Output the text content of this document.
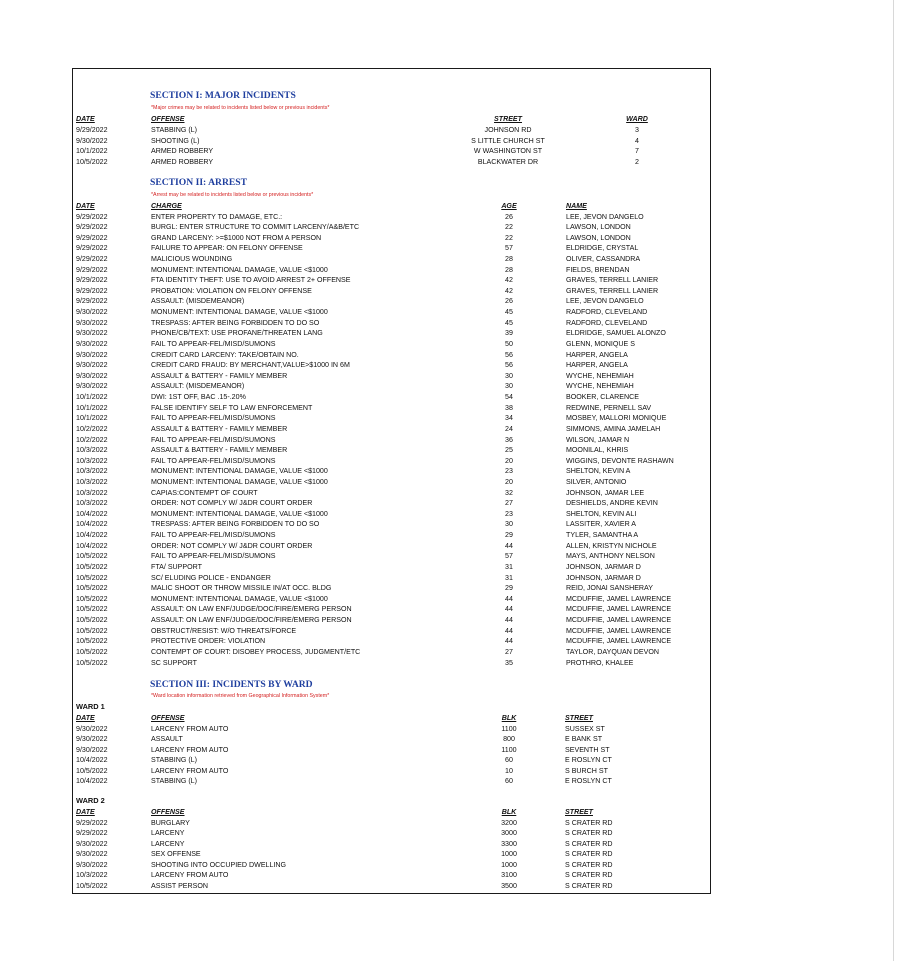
SECTION I: MAJOR INCIDENTS
*Major crimes may be related to incidents listed below or previous incidents*
DATE	OFFENSE	STREET	WARD
9/29/2022	STABBING (L)	JOHNSON RD	3
9/30/2022	SHOOTING (L)	S LITTLE CHURCH ST	4
10/1/2022	ARMED ROBBERY	W WASHINGTON ST	7
10/5/2022	ARMED ROBBERY	BLACKWATER DR	2
SECTION II: ARREST
*Arrest may be related to incidents listed below or previous incidents*
DATE	CHARGE	AGE	NAME
9/29/2022	ENTER PROPERTY TO DAMAGE, ETC.:	26	LEE, JEVON DANGELO
9/29/2022	BURGL: ENTER STRUCTURE TO COMMIT LARCENY/A&B/ETC	22	LAWSON, LONDON
9/29/2022	GRAND LARCENY: >=$1000 NOT FROM A PERSON	22	LAWSON, LONDON
9/29/2022	FAILURE TO APPEAR: ON FELONY OFFENSE	57	ELDRIDGE, CRYSTAL
9/29/2022	MALICIOUS WOUNDING	28	OLIVER, CASSANDRA
9/29/2022	MONUMENT: INTENTIONAL DAMAGE, VALUE <$1000	28	FIELDS, BRENDAN
9/29/2022	FTA IDENTITY THEFT: USE TO AVOID ARREST 2+ OFFENSE	42	GRAVES, TERRELL LANIER
9/29/2022	PROBATION: VIOLATION ON FELONY OFFENSE	42	GRAVES, TERRELL LANIER
9/29/2022	ASSAULT: (MISDEMEANOR)	26	LEE, JEVON DANGELO
9/30/2022	MONUMENT: INTENTIONAL DAMAGE, VALUE <$1000	45	RADFORD, CLEVELAND
9/30/2022	TRESPASS: AFTER BEING FORBIDDEN TO DO SO	45	RADFORD, CLEVELAND
9/30/2022	PHONE/CB/TEXT: USE PROFANE/THREATEN LANG	39	ELDRIDGE, SAMUEL ALONZO
9/30/2022	FAIL TO APPEAR-FEL/MISD/SUMONS	50	GLENN, MONIQUE S
9/30/2022	CREDIT CARD LARCENY: TAKE/OBTAIN NO.	56	HARPER, ANGELA
9/30/2022	CREDIT CARD FRAUD: BY MERCHANT,VALUE>$1000 IN 6M	56	HARPER, ANGELA
9/30/2022	ASSAULT & BATTERY - FAMILY MEMBER	30	WYCHE, NEHEMIAH
9/30/2022	ASSAULT: (MISDEMEANOR)	30	WYCHE, NEHEMIAH
10/1/2022	DWI: 1ST OFF, BAC .15-.20%	54	BOOKER, CLARENCE
10/1/2022	FALSE IDENTIFY SELF TO LAW ENFORCEMENT	38	REDWINE, PERNELL SAV
10/1/2022	FAIL TO APPEAR-FEL/MISD/SUMONS	34	MOSBEY, MALLORI MONIQUE
10/2/2022	ASSAULT & BATTERY - FAMILY MEMBER	24	SIMMONS, AMINA JAMELAH
10/2/2022	FAIL TO APPEAR-FEL/MISD/SUMONS	36	WILSON, JAMAR N
10/3/2022	ASSAULT & BATTERY - FAMILY MEMBER	25	MOONILAL, KHRIS
10/3/2022	FAIL TO APPEAR-FEL/MISD/SUMONS	20	WIGGINS, DEVONTE RASHAWN
10/3/2022	MONUMENT: INTENTIONAL DAMAGE, VALUE <$1000	23	SHELTON, KEVIN A
10/3/2022	MONUMENT: INTENTIONAL DAMAGE, VALUE <$1000	20	SILVER, ANTONIO
10/3/2022	CAPIAS:CONTEMPT OF COURT	32	JOHNSON, JAMAR LEE
10/3/2022	ORDER: NOT COMPLY W/ J&DR COURT ORDER	27	DESHIELDS, ANDRE KEVIN
10/4/2022	MONUMENT: INTENTIONAL DAMAGE, VALUE <$1000	23	SHELTON, KEVIN ALI
10/4/2022	TRESPASS: AFTER BEING FORBIDDEN TO DO SO	30	LASSITER, XAVIER A
10/4/2022	FAIL TO APPEAR-FEL/MISD/SUMONS	29	TYLER, SAMANTHA A
10/4/2022	ORDER: NOT COMPLY W/ J&DR COURT ORDER	44	ALLEN, KRISTYN NICHOLE
10/5/2022	FAIL TO APPEAR-FEL/MISD/SUMONS	57	MAYS, ANTHONY NELSON
10/5/2022	FTA/ SUPPORT	31	JOHNSON, JARMAR D
10/5/2022	SC/ ELUDING POLICE - ENDANGER	31	JOHNSON, JARMAR D
10/5/2022	MALIC SHOOT OR THROW MISSILE IN/AT OCC. BLDG	29	REID, JONAI SANSHERAY
10/5/2022	MONUMENT: INTENTIONAL DAMAGE, VALUE <$1000	44	MCDUFFIE, JAMEL LAWRENCE
10/5/2022	ASSAULT: ON LAW ENF/JUDGE/DOC/FIRE/EMERG PERSON	44	MCDUFFIE, JAMEL LAWRENCE
10/5/2022	ASSAULT: ON LAW ENF/JUDGE/DOC/FIRE/EMERG PERSON	44	MCDUFFIE, JAMEL LAWRENCE
10/5/2022	OBSTRUCT/RESIST: W/O THREATS/FORCE	44	MCDUFFIE, JAMEL LAWRENCE
10/5/2022	PROTECTIVE ORDER: VIOLATION	44	MCDUFFIE, JAMEL LAWRENCE
10/5/2022	CONTEMPT OF COURT: DISOBEY PROCESS, JUDGMENT/ETC	27	TAYLOR, DAYQUAN DEVON
10/5/2022	SC SUPPORT	35	PROTHRO, KHALEE
SECTION III: INCIDENTS BY WARD
*Ward location information retrieved from Geographical Information System*
WARD 1
DATE	OFFENSE	BLK	STREET
9/30/2022	LARCENY FROM AUTO	1100	SUSSEX ST
9/30/2022	ASSAULT	800	E BANK ST
9/30/2022	LARCENY FROM AUTO	1100	SEVENTH ST
10/4/2022	STABBING (L)	60	E ROSLYN CT
10/5/2022	LARCENY FROM AUTO	10	S BURCH ST
10/4/2022	STABBING (L)	60	E ROSLYN CT
WARD 2
DATE	OFFENSE	BLK	STREET
9/29/2022	BURGLARY	3200	S CRATER RD
9/29/2022	LARCENY	3000	S CRATER RD
9/30/2022	LARCENY	3300	S CRATER RD
9/30/2022	SEX OFFENSE	1000	S CRATER RD
9/30/2022	SHOOTING INTO OCCUPIED DWELLING	1000	S CRATER RD
10/3/2022	LARCENY FROM AUTO	3100	S CRATER RD
10/5/2022	ASSIST PERSON	3500	S CRATER RD
